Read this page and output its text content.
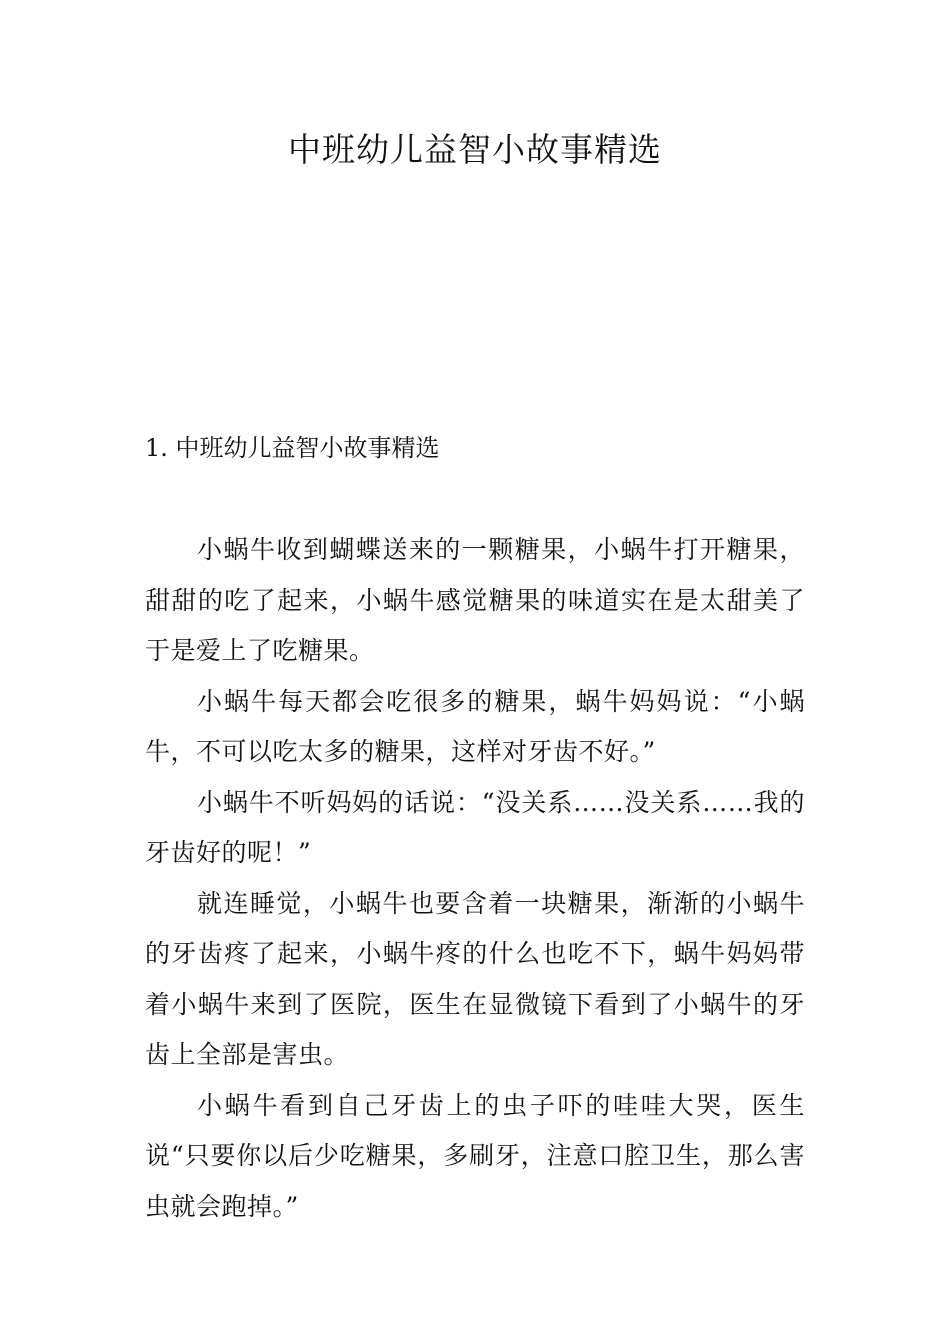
中班幼儿益智小故事精选
1. 中班幼儿益智小故事精选

小蜗牛收到蝴蝶送来的一颗糖果，小蜗牛打开糖果，甜甜的吃了起来，小蜗牛感觉糖果的味道实在是太甜美了于是爱上了吃糖果。

小蜗牛每天都会吃很多的糖果，蜗牛妈妈说：“小蜗牛，不可以吃太多的糖果，这样对牙齿不好。”

小蜗牛不听妈妈的话说：“没关系……没关系……我的牙齿好的呢！”

就连睡觉，小蜗牛也要含着一块糖果，渐渐的小蜗牛的牙齿疼了起来，小蜗牛疼的什么也吃不下，蜗牛妈妈带着小蜗牛来到了医院，医生在显微镜下看到了小蜗牛的牙齿上全部是害虫。

小蜗牛看到自己牙齿上的虫子吓的哇哇大哭，医生说“只要你以后少吃糖果，多刷牙，注意口腔卫生，那么害虫就会跑掉。”
